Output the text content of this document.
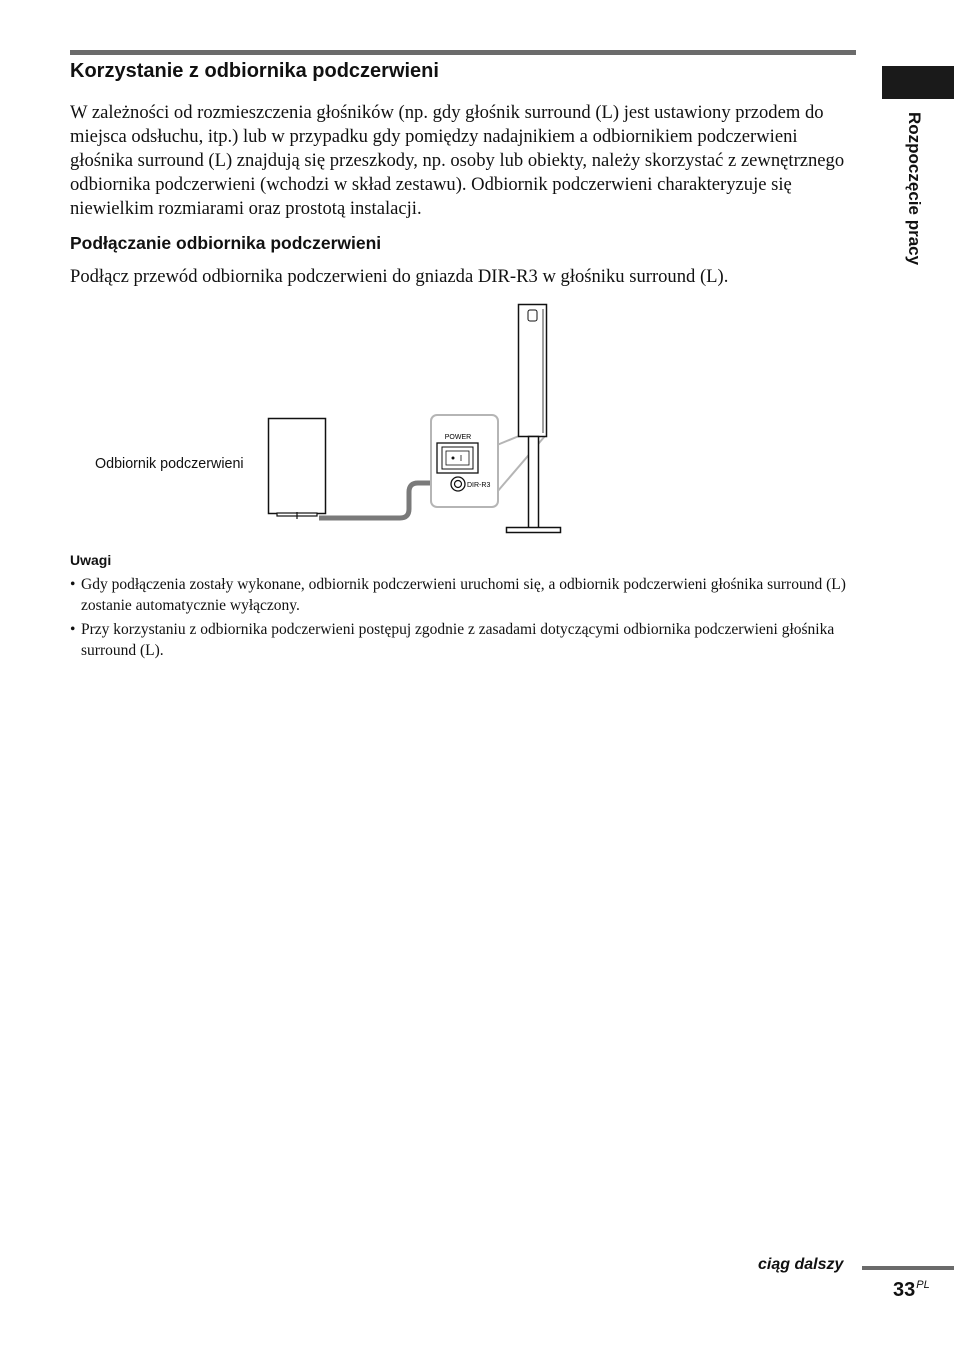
Korzystanie z odbiornika podczerwieni

W zależności od rozmieszczenia głośników (np. gdy głośnik surround (L) jest ustawiony przodem do miejsca odsłuchu, itp.) lub w przypadku gdy pomiędzy nadajnikiem a odbiornikiem podczerwieni głośnika surround (L) znajdują się przeszkody, np. osoby lub obiekty, należy skorzystać z zewnętrznego odbiornika podczerwieni (wchodzi w skład zestawu). Odbiornik podczerwieni charakteryzuje się niewielkim rozmiarami oraz prostotą instalacji.

Podłączanie odbiornika podczerwieni

Podłącz przewód odbiornika podczerwieni do gniazda DIR-R3 w głośniku surround (L).

Rozpoczęcie pracy
POWER
DIR-R3
Odbiornik podczerwieni
Uwagi
• Gdy podłączenia zostały wykonane, odbiornik podczerwieni uruchomi się, a odbiornik podczerwieni głośnika surround (L) zostanie automatycznie wyłączony.
• Przy korzystaniu z odbiornika podczerwieni postępuj zgodnie z zasadami dotyczącymi odbiornika podczerwieni głośnika surround (L).
ciąg dalszy
$33^{PL}$
